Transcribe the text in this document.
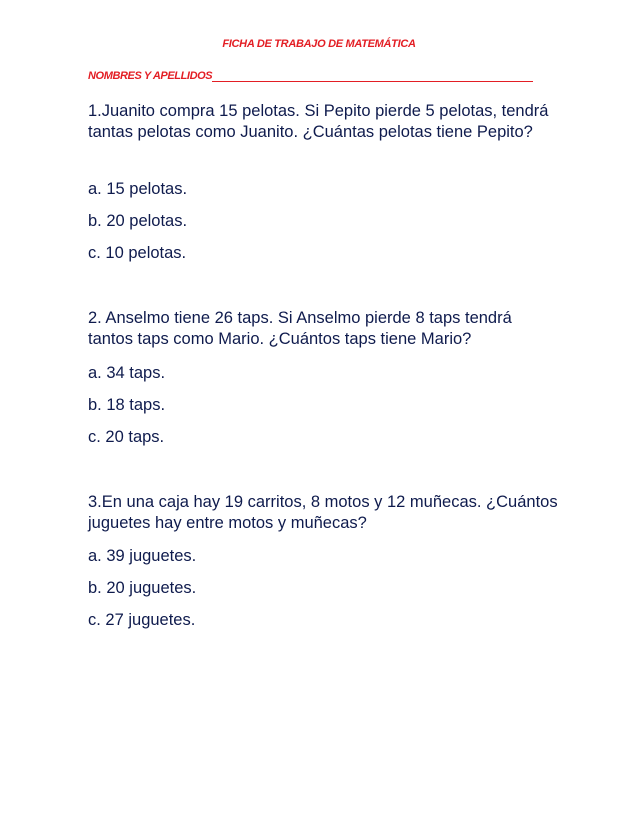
FICHA DE TRABAJO DE MATEMÁTICA
NOMBRES Y APELLIDOS
1.Juanito compra 15 pelotas. Si Pepito pierde 5 pelotas, tendrá tantas pelotas como Juanito. ¿Cuántas pelotas tiene Pepito?
a. 15 pelotas.
b. 20 pelotas.
c. 10 pelotas.
2. Anselmo tiene 26 taps. Si Anselmo pierde 8 taps tendrá tantos taps como Mario. ¿Cuántos taps tiene Mario?
a. 34 taps.
b. 18 taps.
c. 20 taps.
3.En una caja hay 19 carritos, 8 motos y 12 muñecas. ¿Cuántos juguetes hay entre motos y muñecas?
a. 39 juguetes.
b. 20 juguetes.
c. 27 juguetes.
